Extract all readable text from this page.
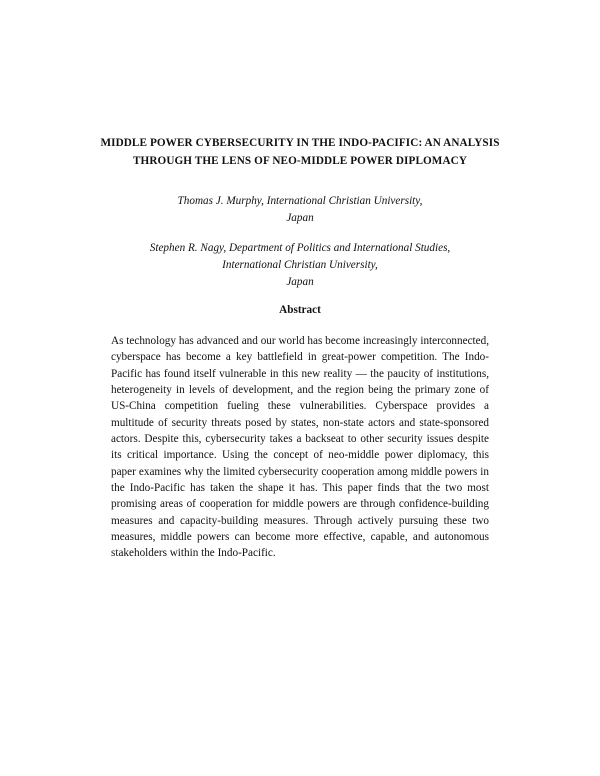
MIDDLE POWER CYBERSECURITY IN THE INDO-PACIFIC: AN ANALYSIS THROUGH THE LENS OF NEO-MIDDLE POWER DIPLOMACY
Thomas J. Murphy, International Christian University,
Japan
Stephen R. Nagy, Department of Politics and International Studies,
International Christian University,
Japan
Abstract
As technology has advanced and our world has become increasingly interconnected, cyberspace has become a key battlefield in great-power competition. The Indo-Pacific has found itself vulnerable in this new reality — the paucity of institutions, heterogeneity in levels of development, and the region being the primary zone of US-China competition fueling these vulnerabilities. Cyberspace provides a multitude of security threats posed by states, non-state actors and state-sponsored actors. Despite this, cybersecurity takes a backseat to other security issues despite its critical importance. Using the concept of neo-middle power diplomacy, this paper examines why the limited cybersecurity cooperation among middle powers in the Indo-Pacific has taken the shape it has. This paper finds that the two most promising areas of cooperation for middle powers are through confidence-building measures and capacity-building measures. Through actively pursuing these two measures, middle powers can become more effective, capable, and autonomous stakeholders within the Indo-Pacific.
